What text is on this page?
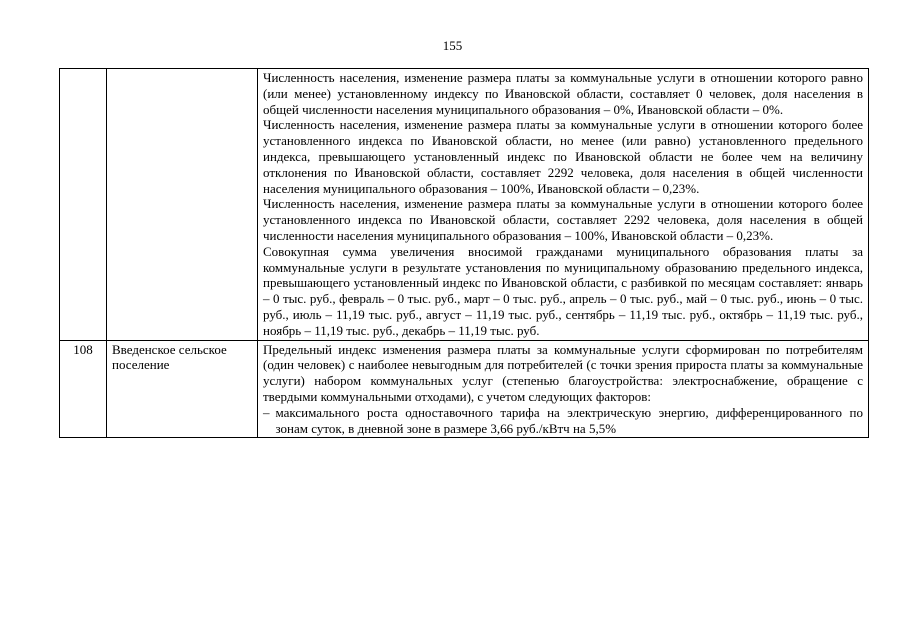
155

		Численность населения, изменение размера платы за коммунальные услуги в отношении которого равно (или менее) установленному индексу по Ивановской области, составляет 0 человек, доля населения в общей численности населения муниципального образования – 0%, Ивановской области – 0%.

Численность населения, изменение размера платы за коммунальные услуги в отношении которого более установленного индекса по Ивановской области, но менее (или равно) установленного предельного индекса, превышающего установленный индекс по Ивановской области не более чем на величину отклонения по Ивановской области, составляет 2292 человека, доля населения в общей численности населения муниципального образования – 100%, Ивановской области – 0,23%.

Численность населения, изменение размера платы за коммунальные услуги в отношении которого более установленного индекса по Ивановской области, составляет 2292 человека, доля населения в общей численности населения муниципального образования – 100%, Ивановской области – 0,23%.

Совокупная сумма увеличения вносимой гражданами муниципального образования платы за коммунальные услуги в результате установления по муниципальному образованию предельного индекса, превышающего установленный индекс по Ивановской области, с разбивкой по месяцам составляет: январь – 0 тыс. руб., февраль – 0 тыс. руб., март – 0 тыс. руб., апрель – 0 тыс. руб., май – 0 тыс. руб., июнь – 0 тыс. руб., июль – 11,19 тыс. руб., август – 11,19 тыс. руб., сентябрь – 11,19 тыс. руб., октябрь – 11,19 тыс. руб., ноябрь – 11,19 тыс. руб., декабрь – 11,19 тыс. руб.

108	Введенское сельское поселение	Предельный индекс изменения размера платы за коммунальные услуги сформирован по потребителям (один человек) с наиболее невыгодным для потребителей (с точки зрения прироста платы за коммунальные услуги) набором коммунальных услуг (степенью благоустройства: электроснабжение, обращение с твердыми коммунальными отходами), с учетом следующих факторов:

– максимального роста одноставочного тарифа на электрическую энергию, дифференцированного по зонам суток, в дневной зоне в размере 3,66 руб./кВтч на 5,5%
